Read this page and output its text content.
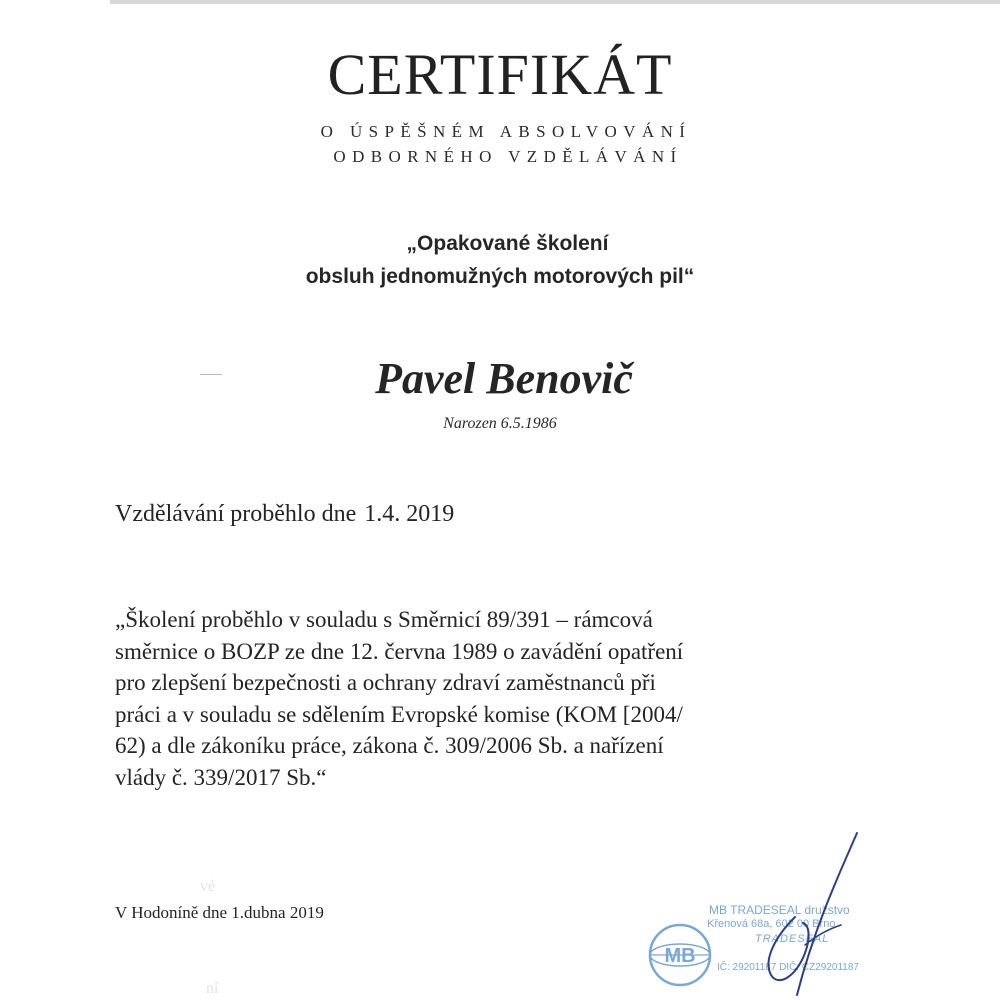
CERTIFIKÁT
O ÚSPĚŠNÉM ABSOLVOVÁNÍ
ODBORNÉHO VZDĚLÁVÁNÍ
„Opakované školení
obsluh jednomužných motorových pil“
Pavel Benovič
Narozen 6.5.1986
Vzdělávání proběhlo dne 1.4. 2019
„Školení proběhlo v souladu s Směrnicí 89/391 – rámcová
směrnice o BOZP ze dne 12. června 1989 o zavádění opatření
pro zlepšení bezpečnosti a ochrany zdraví zaměstnanců při
práci a v souladu se sdělením Evropské komise (KOM [2004/
62) a dle zákoníku práce, zákona č. 309/2006 Sb. a nařízení
vlády č. 339/2017 Sb.“
vé
ní
V Hodoníně dne 1.dubna 2019
MB
MB TRADESEAL družstvo
Křenová 68a, 602 00 Brno
TRADESEAL
IČ: 29201187 DIČ: CZ29201187
